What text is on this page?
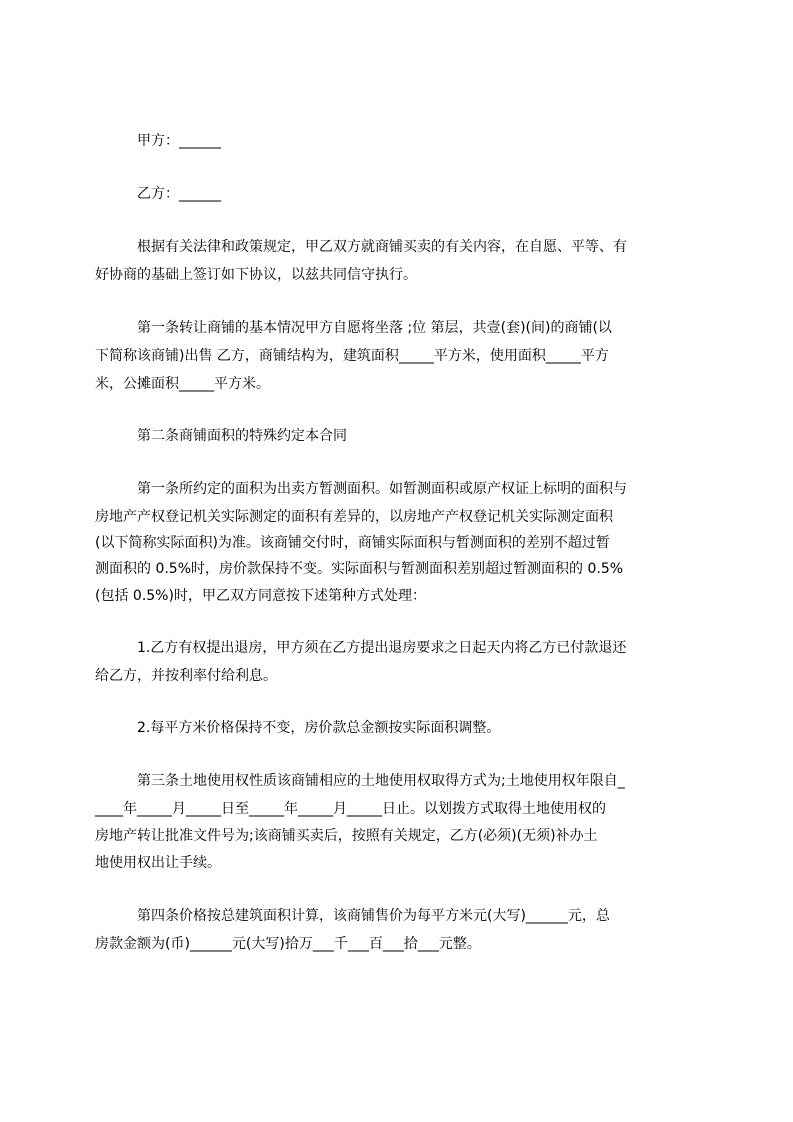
甲方：______
乙方：______
根据有关法律和政策规定，甲乙双方就商铺买卖的有关内容，在自愿、平等、有
好协商的基础上签订如下协议，以兹共同信守执行。
第一条转让商铺的基本情况甲方自愿将坐落 ;位 第层，共壹(套)(间)的商铺(以
下简称该商铺)出售 乙方，商铺结构为，建筑面积_____平方米，使用面积_____平方
米，公摊面积_____平方米。
第二条商铺面积的特殊约定本合同
第一条所约定的面积为出卖方暂测面积。如暂测面积或原产权证上标明的面积与
房地产产权登记机关实际测定的面积有差异的，以房地产产权登记机关实际测定面积
(以下简称实际面积)为准。该商铺交付时，商铺实际面积与暂测面积的差别不超过暂
测面积的 0.5%时，房价款保持不变。实际面积与暂测面积差别超过暂测面积的 0.5%
(包括 0.5%)时，甲乙双方同意按下述第种方式处理：
1.乙方有权提出退房，甲方须在乙方提出退房要求之日起天内将乙方已付款退还
给乙方，并按利率付给利息。
2.每平方米价格保持不变，房价款总金额按实际面积调整。
第三条土地使用权性质该商铺相应的土地使用权取得方式为;土地使用权年限自_
____年_____月_____日至_____年_____月_____日止。以划拨方式取得土地使用权的
房地产转让批准文件号为;该商铺买卖后，按照有关规定，乙方(必须)(无须)补办土
地使用权出让手续。
第四条价格按总建筑面积计算，该商铺售价为每平方米元(大写)______元，总
房款金额为(币)______元(大写)拾万___千___百___拾___元整。
